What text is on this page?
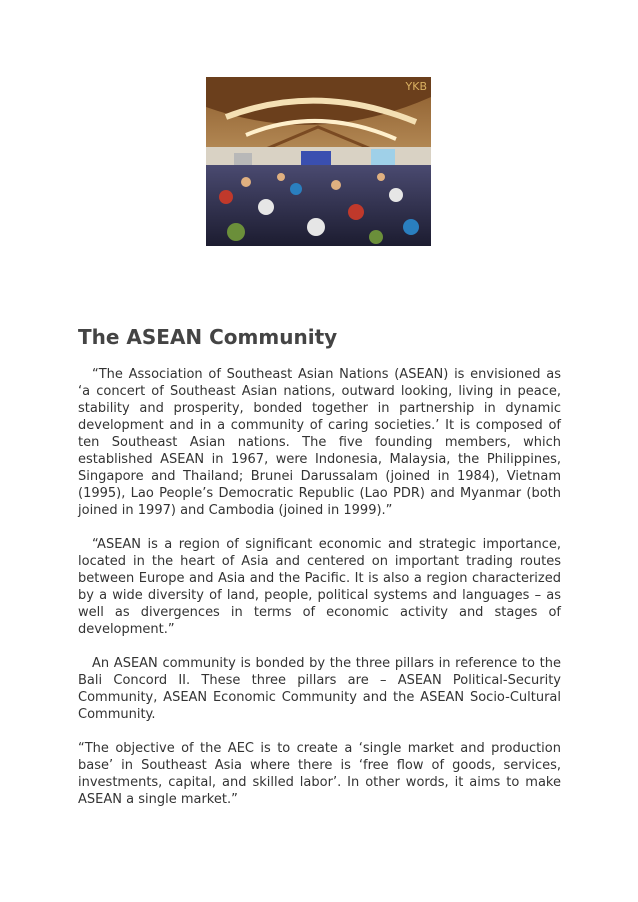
YKB
The ASEAN Community

“The Association of Southeast Asian Nations (ASEAN) is envisioned as ‘a concert of Southeast Asian nations, outward looking, living in peace, stability and prosperity, bonded together in partnership in dynamic development and in a community of caring societies.’ It is composed of ten Southeast Asian nations. The five founding members, which established ASEAN in 1967, were Indonesia, Malaysia, the Philippines, Singapore and Thailand; Brunei Darussalam (joined in 1984), Vietnam (1995), Lao People’s Democratic Republic (Lao PDR) and Myanmar (both joined in 1997) and Cambodia (joined in 1999).”

“ASEAN is a region of significant economic and strategic importance, located in the heart of Asia and centered on important trading routes between Europe and Asia and the Pacific. It is also a region characterized by a wide diversity of land, people, political systems and languages – as well as divergences in terms of economic activity and stages of development.”

An ASEAN community is bonded by the three pillars in reference to the Bali Concord II. These three pillars are – ASEAN Political-Security Community, ASEAN Economic Community and the ASEAN Socio-Cultural Community.

“The objective of the AEC is to create a ‘single market and production base’ in Southeast Asia where there is ‘free flow of goods, services, investments, capital, and skilled labor’. In other words, it aims to make ASEAN a single market.”
